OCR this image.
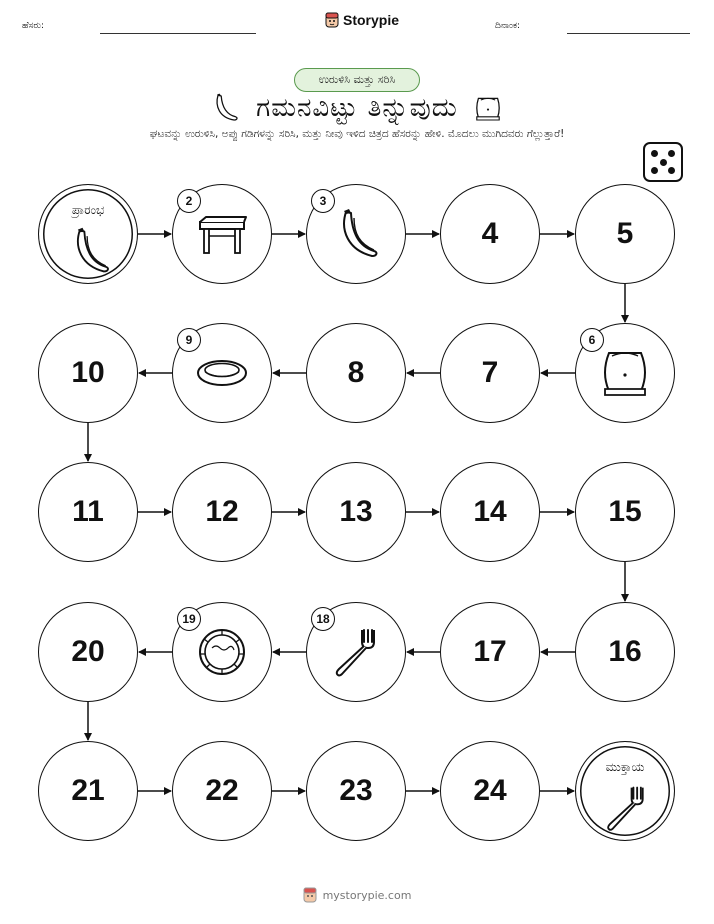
ಹೆಸರು:	Storypie	ದಿನಾಂಕ:
ಉರುಳಿಸಿ ಮತ್ತು ಸರಿಸಿ
ಗಮನವಿಟ್ಟು ತಿನ್ನುವುದು
ಘಟವನ್ನು ಉರುಳಿಸಿ, ಅಪ್ಪು ಗಡಿಗಳನ್ನು ಸರಿಸಿ, ಮತ್ತು ನೀವು ಇಳಿದ ಚಿತ್ರದ ಹೆಸರನ್ನು ಹೇಳಿ. ಮೊದಲು ಮುಗಿದವರು ಗೆಲ್ಲುತ್ತಾರೆ!
ಪ್ರಾರಂಭ
2	3
4	5
6
7
8
9
10
11	12	13	14	15
16
17
18
19
20
21	22	23	24
ಮುಕ್ತಾಯ
mystorypie.com
